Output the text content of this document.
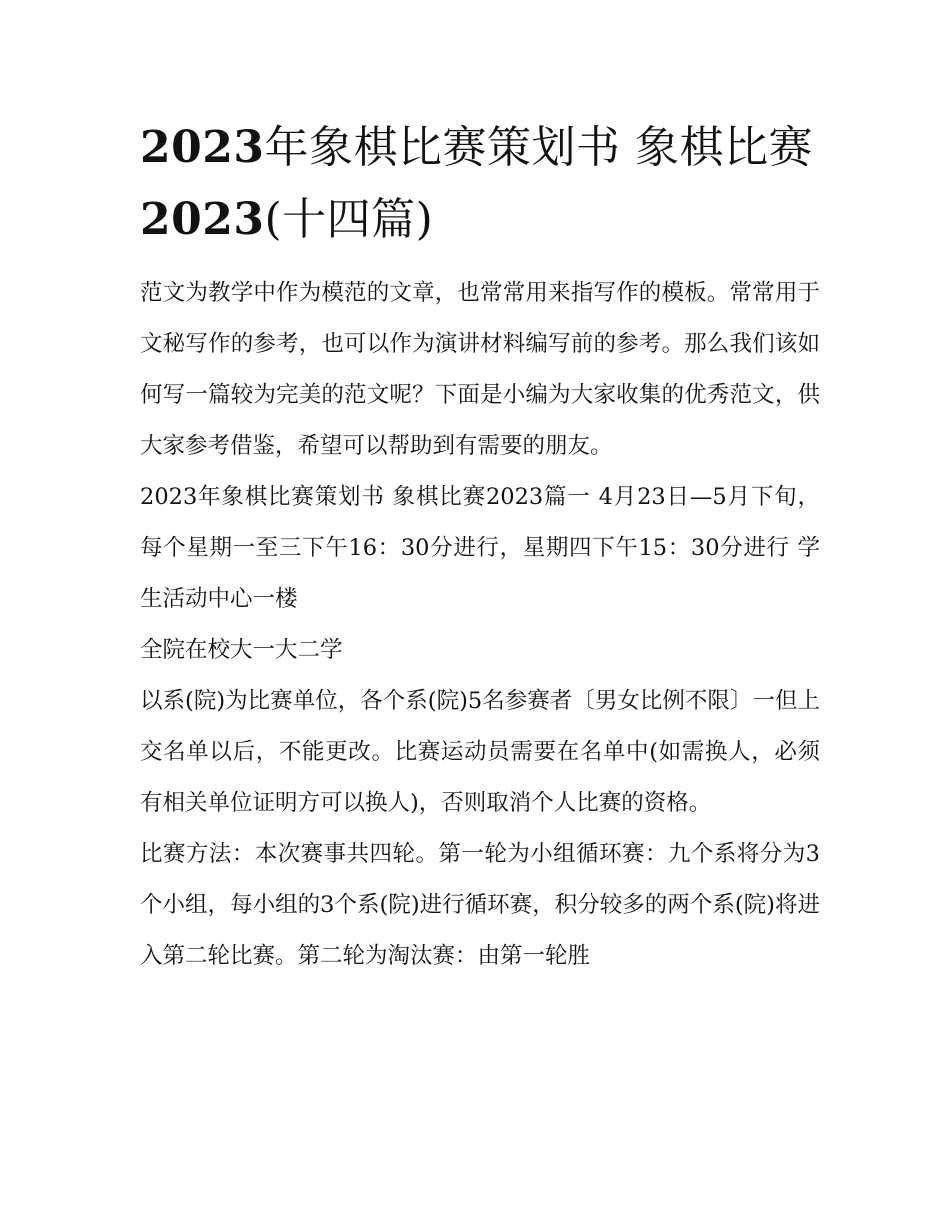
2023年象棋比赛策划书 象棋比赛2023(十四篇)

范文为教学中作为模范的文章，也常常用来指写作的模板。常常用于文秘写作的参考，也可以作为演讲材料编写前的参考。那么我们该如何写一篇较为完美的范文呢？下面是小编为大家收集的优秀范文，供大家参考借鉴，希望可以帮助到有需要的朋友。

2023年象棋比赛策划书 象棋比赛2023篇一 4月23日—5月下旬，每个星期一至三下午16：30分进行，星期四下午15：30分进行 学生活动中心一楼

全院在校大一大二学

以系(院)为比赛单位，各个系(院)5名参赛者〔男女比例不限〕一但上交名单以后，不能更改。比赛运动员需要在名单中(如需换人，必须有相关单位证明方可以换人)，否则取消个人比赛的资格。

比赛方法：本次赛事共四轮。第一轮为小组循环赛：九个系将分为3个小组，每小组的3个系(院)进行循环赛，积分较多的两个系(院)将进入第二轮比赛。第二轮为淘汰赛：由第一轮胜
